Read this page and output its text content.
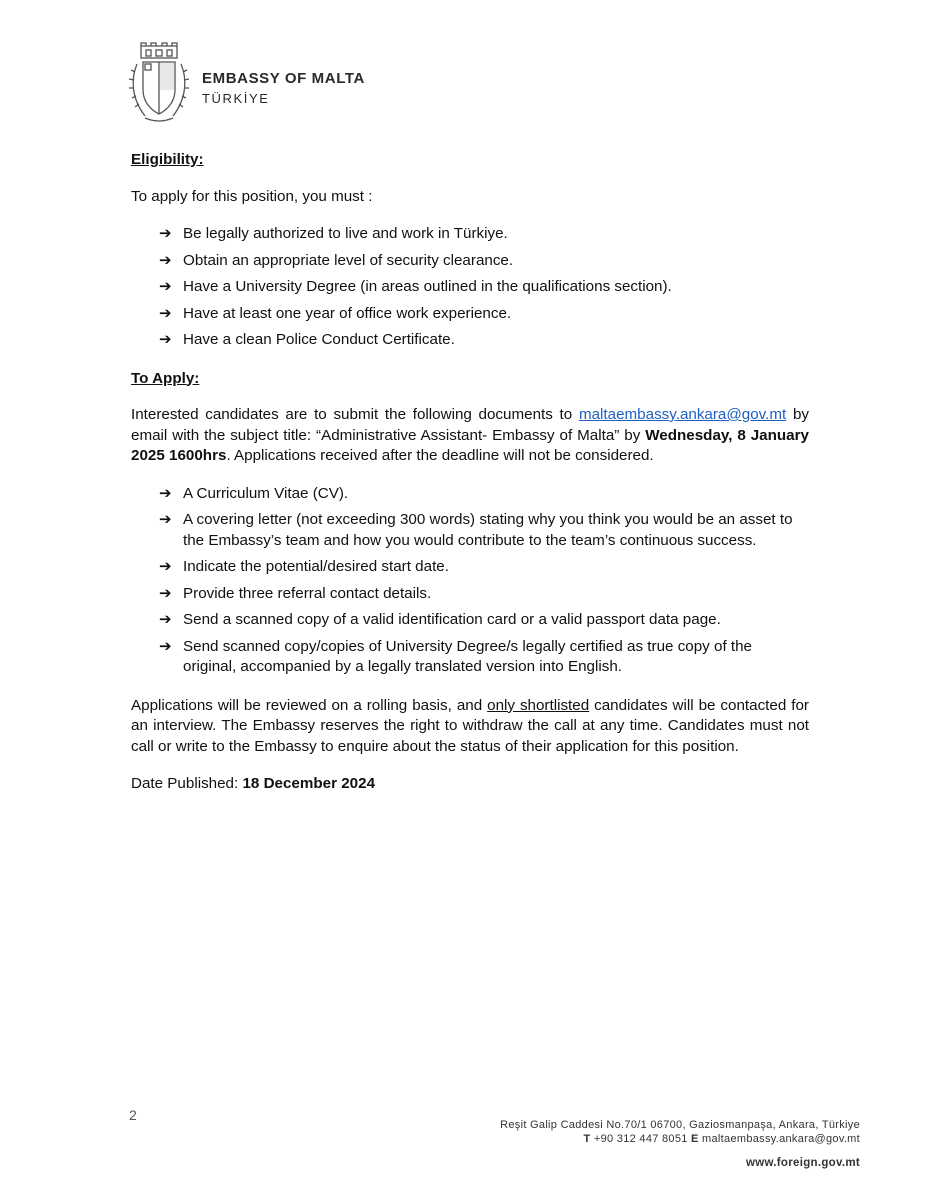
EMBASSY OF MALTA
TÜRKİYE
Eligibility:

To apply for this position, you must :

➔ Be legally authorized to live and work in Türkiye.
➔ Obtain an appropriate level of security clearance.
➔ Have a University Degree (in areas outlined in the qualifications section).
➔ Have at least one year of office work experience.
➔ Have a clean Police Conduct Certificate.
To Apply:

Interested candidates are to submit the following documents to maltaembassy.ankara@gov.mt by email with the subject title: “Administrative Assistant- Embassy of Malta” by Wednesday, 8 January 2025 1600hrs. Applications received after the deadline will not be considered.

➔ A Curriculum Vitae (CV).
➔ A covering letter (not exceeding 300 words) stating why you think you would be an asset to the Embassy’s team and how you would contribute to the team’s continuous success.
➔ Indicate the potential/desired start date.
➔ Provide three referral contact details.
➔ Send a scanned copy of a valid identification card or a valid passport data page.
➔ Send scanned copy/copies of University Degree/s legally certified as true copy of the original, accompanied by a legally translated version into English.

Applications will be reviewed on a rolling basis, and only shortlisted candidates will be contacted for an interview. The Embassy reserves the right to withdraw the call at any time. Candidates must not call or write to the Embassy to enquire about the status of their application for this position.

Date Published: 18 December 2024

2
Reşit Galip Caddesi No.70/1 06700, Gaziosmanpaşa, Ankara, Türkiye
T +90 312 447 8051 E maltaembassy.ankara@gov.mt
www.foreign.gov.mt
